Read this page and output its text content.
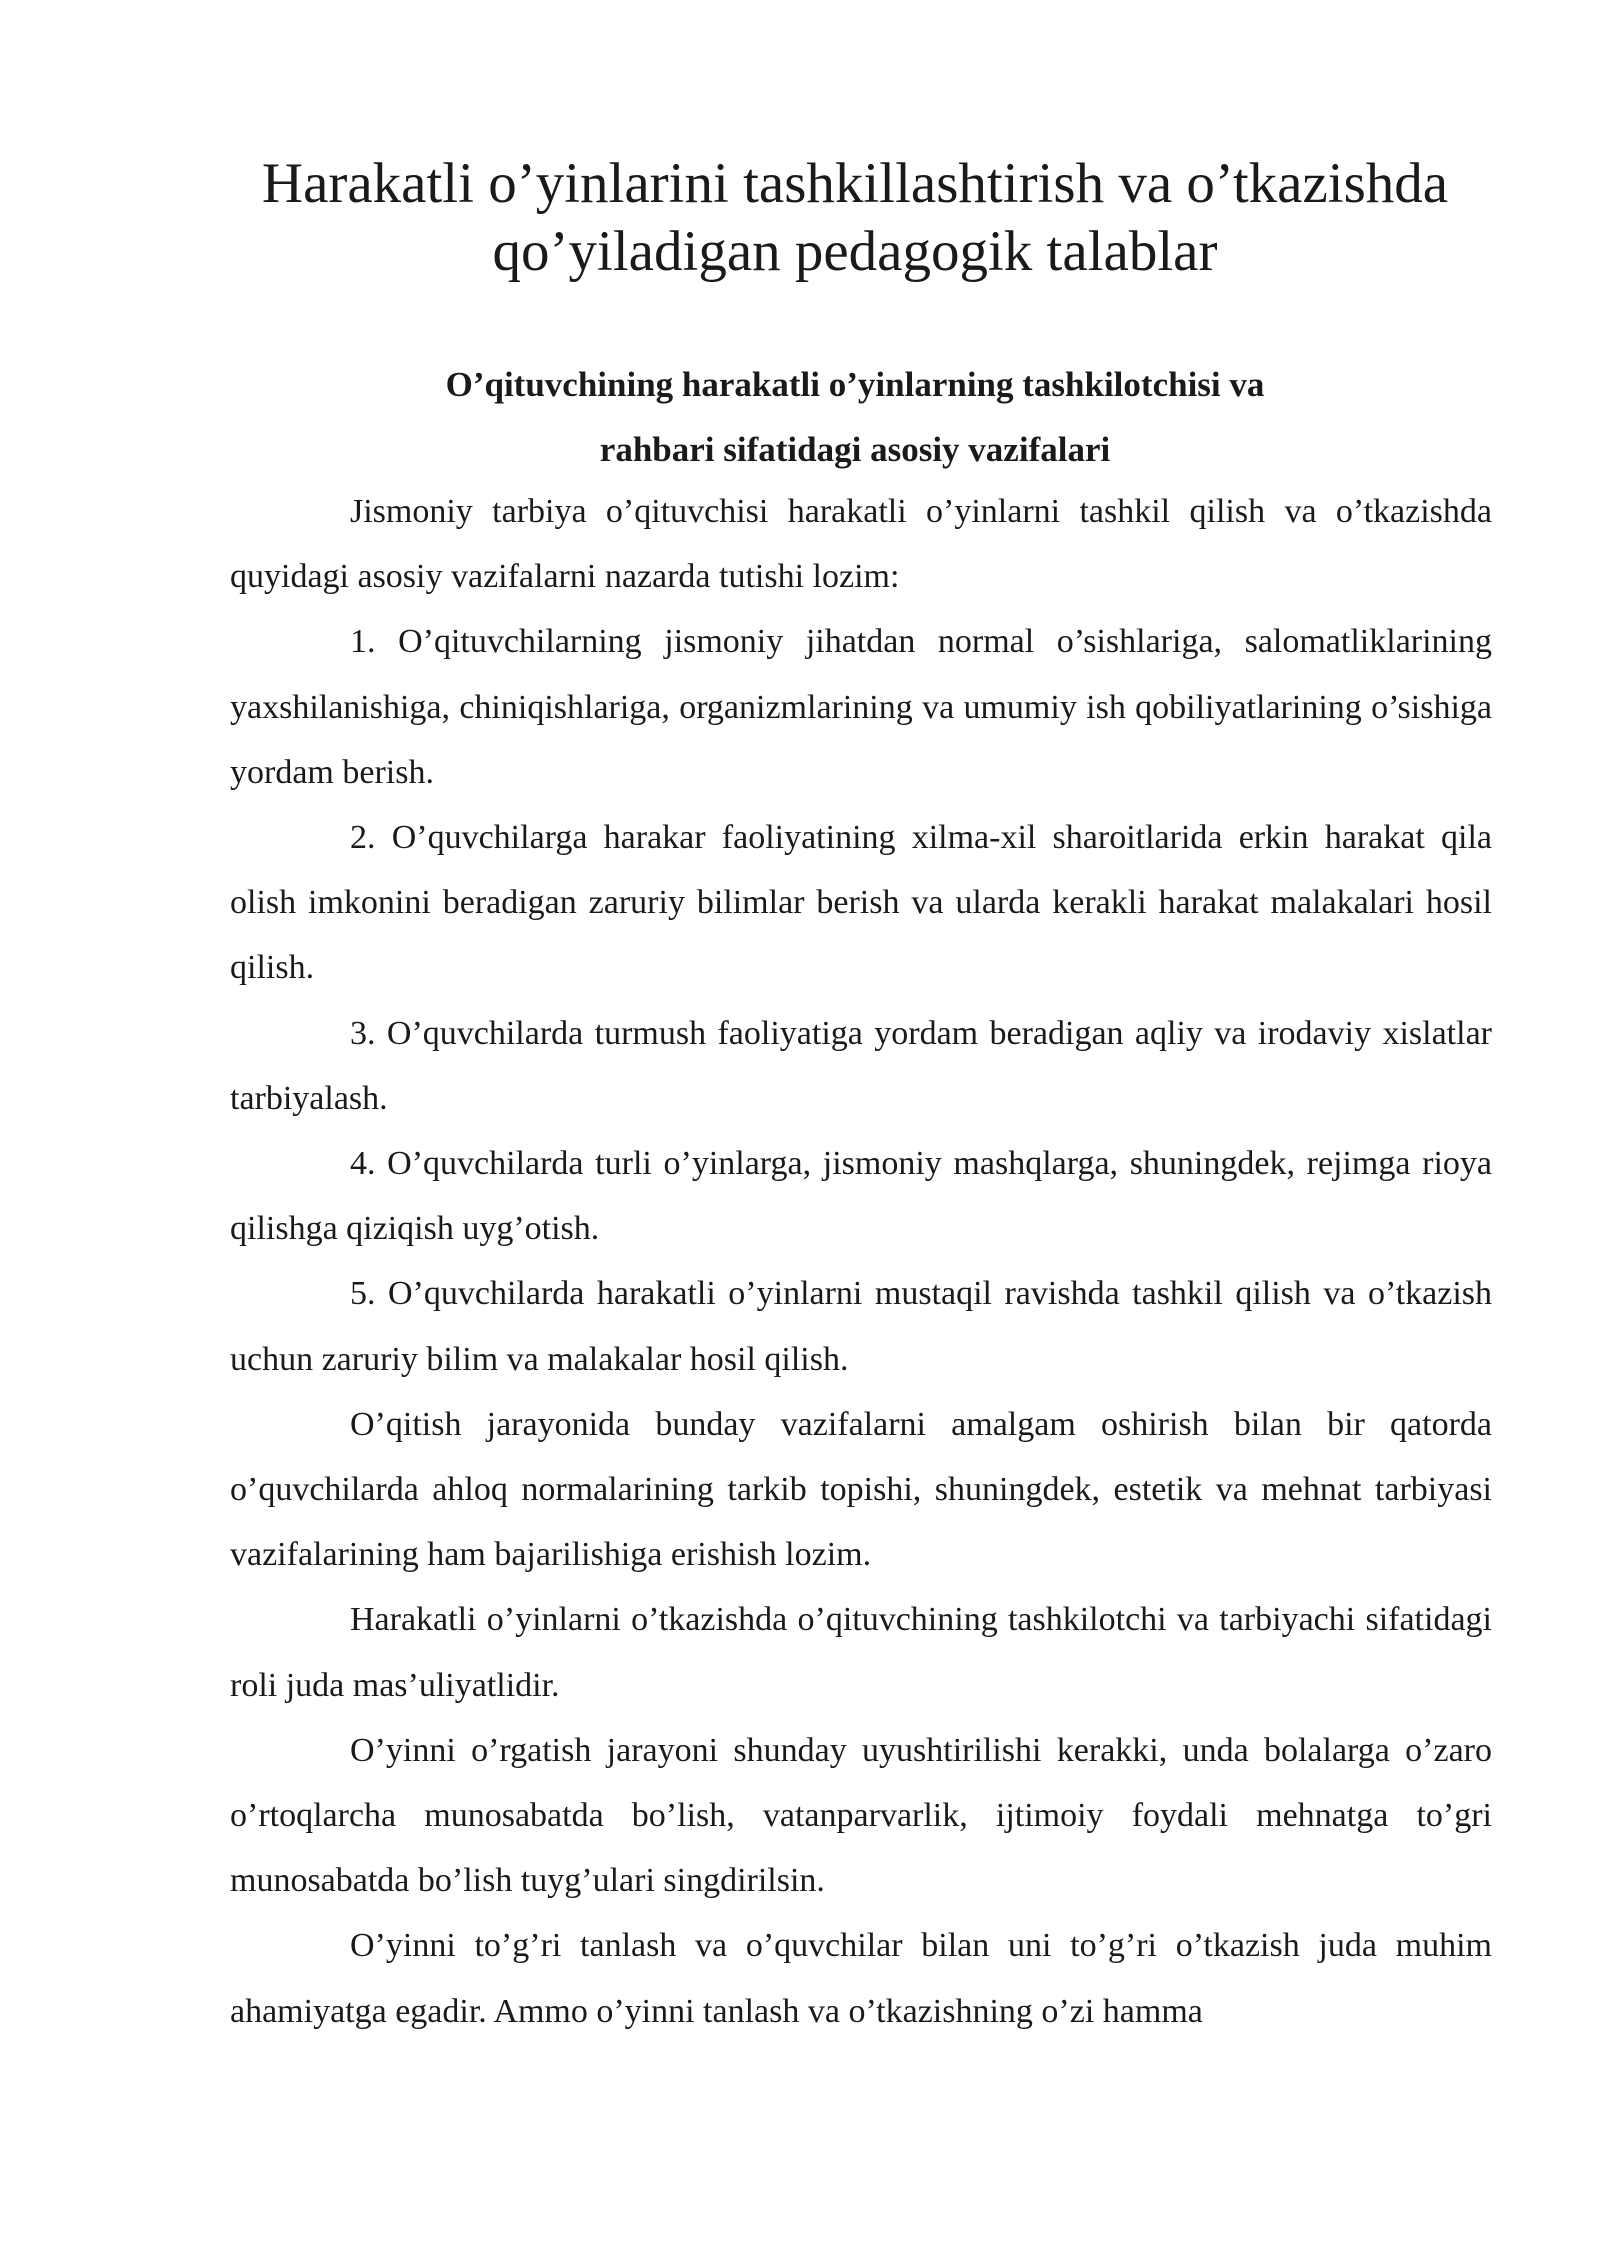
Harakatli o’yinlarini tashkillashtirish va o’tkazishda
qo’yiladigan pedagogik talablar
O’qituvchining harakatli o’yinlarning tashkilotchisi va
rahbari sifatidagi asosiy vazifalari

Jismoniy tarbiya o’qituvchisi harakatli o’yinlarni tashkil qilish va o’tkazishda quyidagi asosiy vazifalarni nazarda tutishi lozim:

1. O’qituvchilarning jismoniy jihatdan normal o’sishlariga, salomatliklarining yaxshilanishiga, chiniqishlariga, organizmlarining va umumiy ish qobiliyatlarining o’sishiga yordam berish.

2. O’quvchilarga harakar faoliyatining xilma-xil sharoitlarida erkin harakat qila olish imkonini beradigan zaruriy bilimlar berish va ularda kerakli harakat malakalari hosil qilish.

3. O’quvchilarda turmush faoliyatiga yordam beradigan aqliy va irodaviy xislatlar tarbiyalash.

4. O’quvchilarda turli o’yinlarga, jismoniy mashqlarga, shuningdek, rejimga rioya qilishga qiziqish uyg’otish.

5. O’quvchilarda harakatli o’yinlarni mustaqil ravishda tashkil qilish va o’tkazish uchun zaruriy bilim va malakalar hosil qilish.

O’qitish jarayonida bunday vazifalarni amalgam oshirish bilan bir qatorda o’quvchilarda ahloq normalarining tarkib topishi, shuningdek, estetik va mehnat tarbiyasi vazifalarining ham bajarilishiga erishish lozim.

Harakatli o’yinlarni o’tkazishda o’qituvchining tashkilotchi va tarbiyachi sifatidagi roli juda mas’uliyatlidir.

O’yinni o’rgatish jarayoni shunday uyushtirilishi kerakki, unda bolalarga o’zaro o’rtoqlarcha munosabatda bo’lish, vatanparvarlik, ijtimoiy foydali mehnatga to’gri munosabatda bo’lish tuyg’ulari singdirilsin.

O’yinni to’g’ri tanlash va o’quvchilar bilan uni to’g’ri o’tkazish juda muhim ahamiyatga egadir. Ammo o’yinni tanlash va o’tkazishning o’zi hamma
